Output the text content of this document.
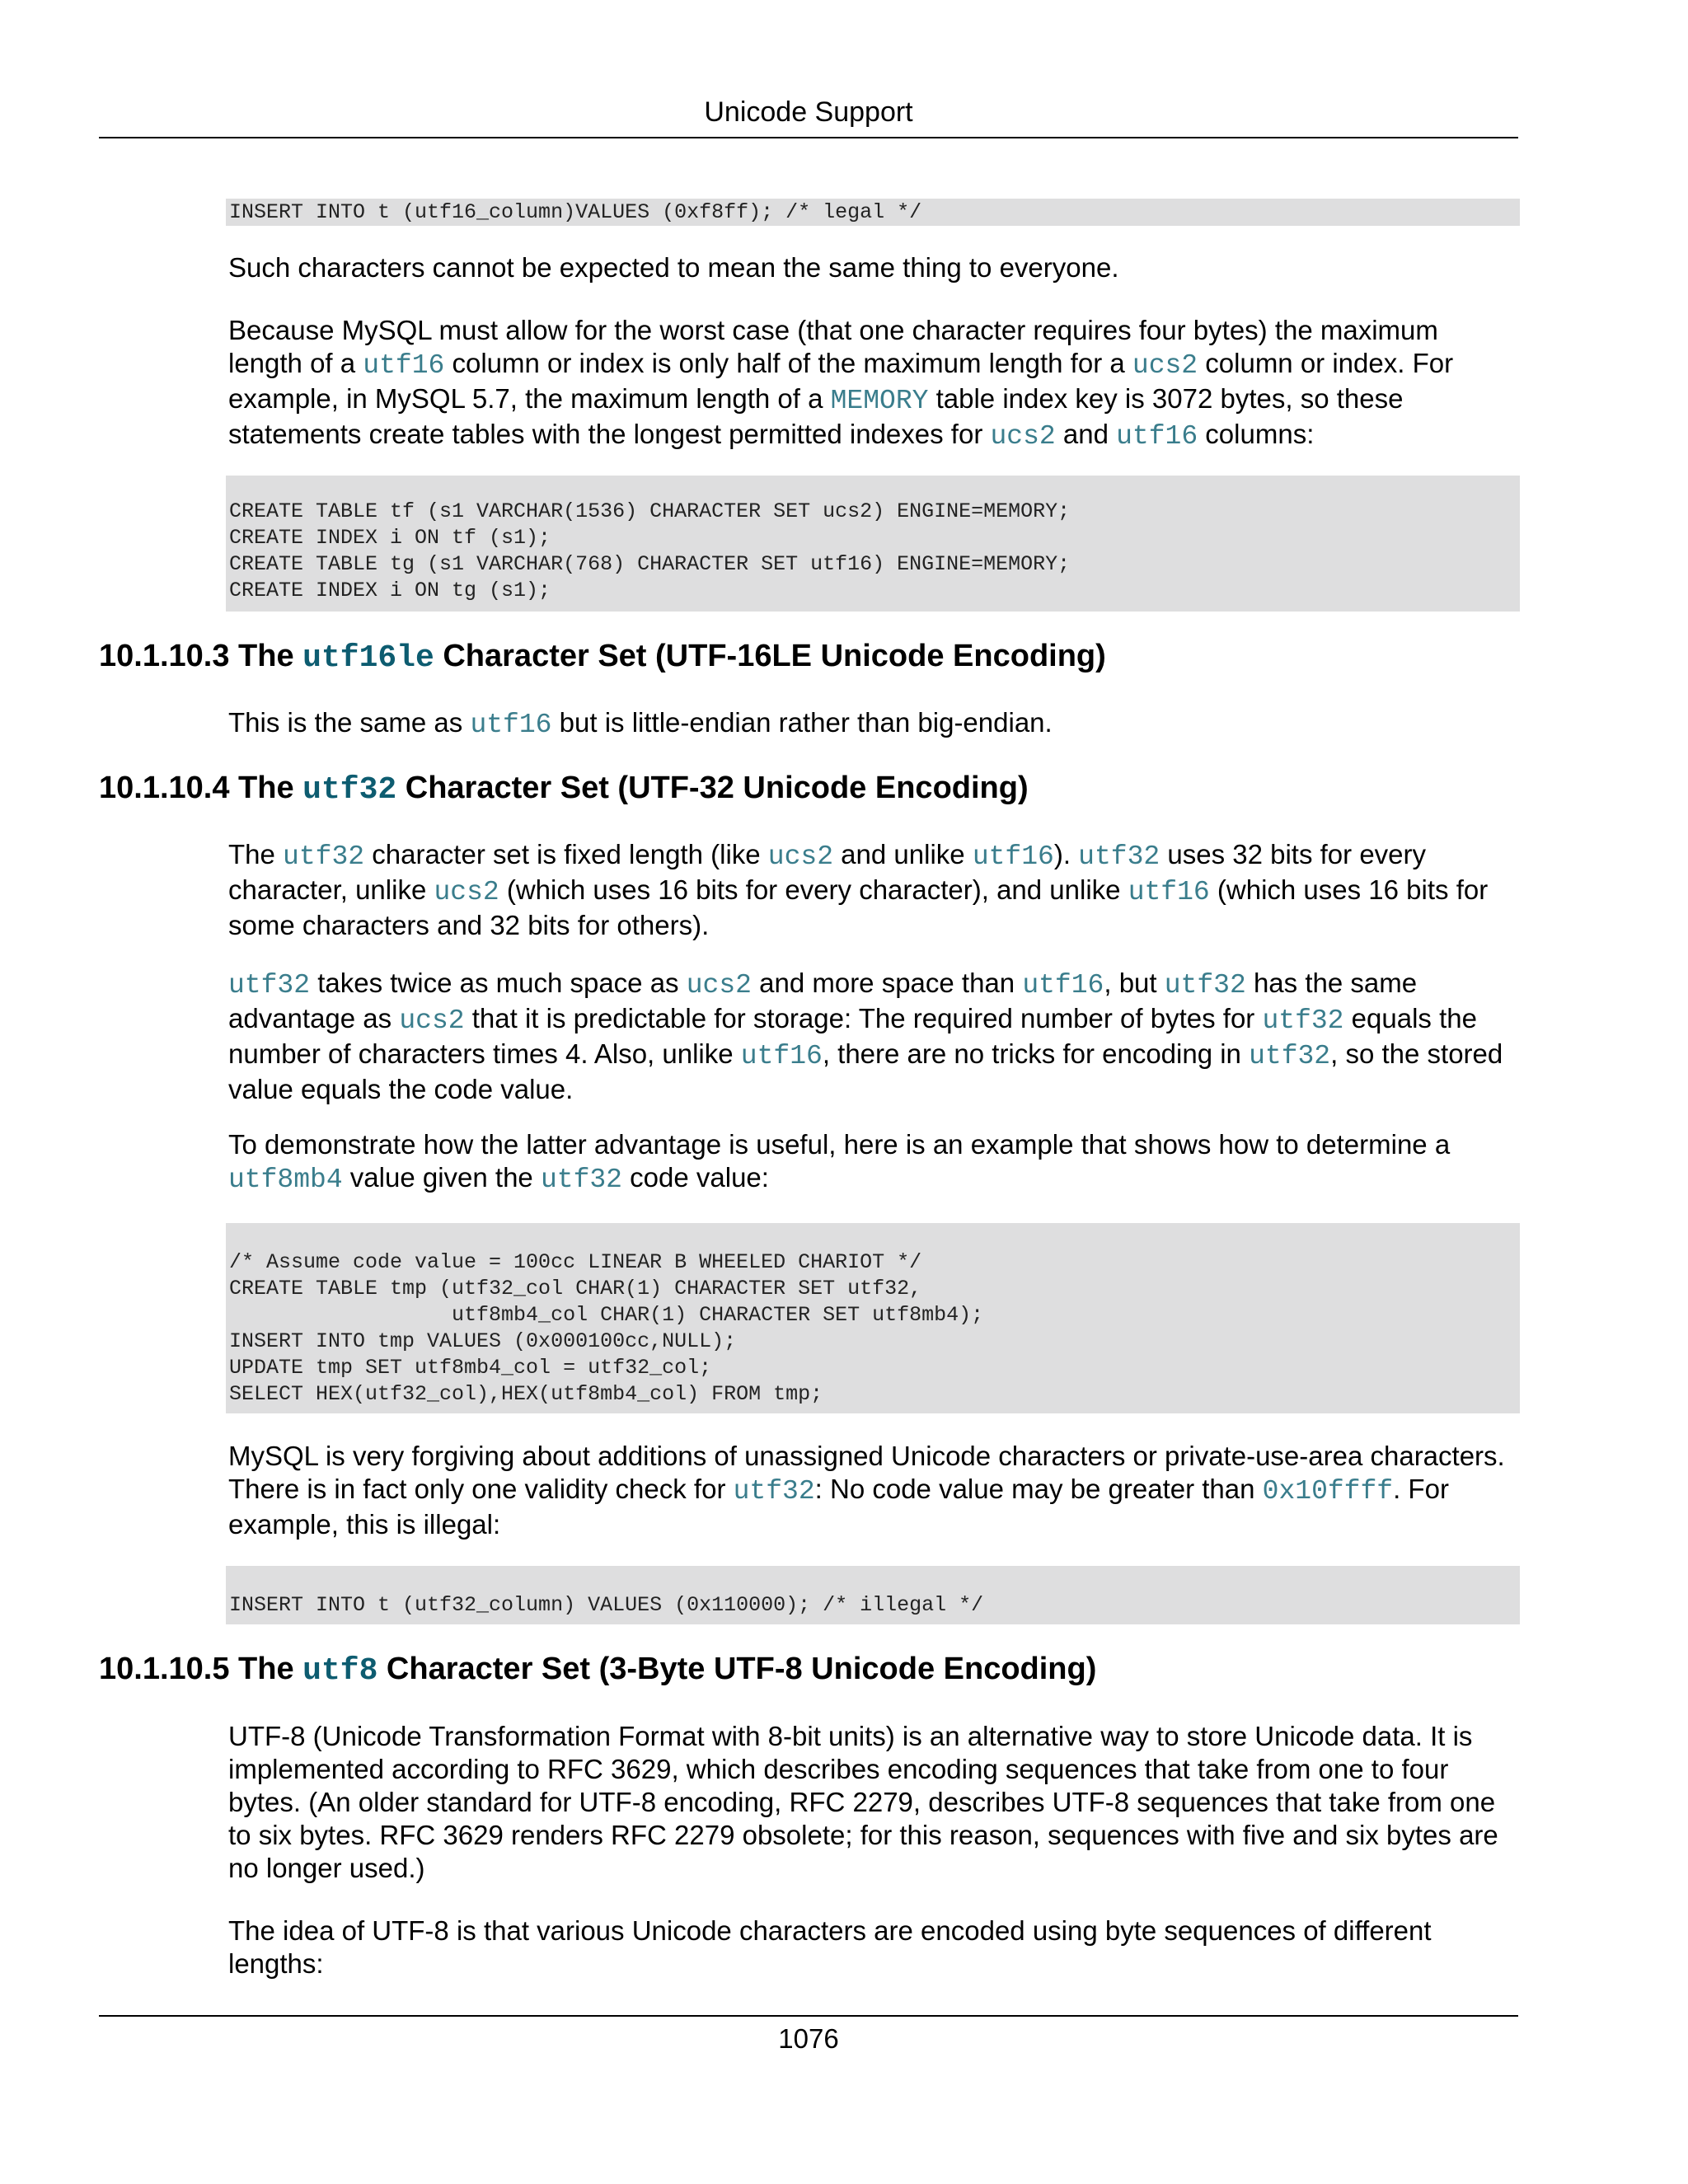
Unicode Support
INSERT INTO t (utf16_column)VALUES (0xf8ff); /* legal */

Such characters cannot be expected to mean the same thing to everyone.

Because MySQL must allow for the worst case (that one character requires four bytes) the maximum length of a utf16 column or index is only half of the maximum length for a ucs2 column or index. For example, in MySQL 5.7, the maximum length of a MEMORY table index key is 3072 bytes, so these statements create tables with the longest permitted indexes for ucs2 and utf16 columns:

CREATE TABLE tf (s1 VARCHAR(1536) CHARACTER SET ucs2) ENGINE=MEMORY;
CREATE INDEX i ON tf (s1);
CREATE TABLE tg (s1 VARCHAR(768) CHARACTER SET utf16) ENGINE=MEMORY;
CREATE INDEX i ON tg (s1);
10.1.10.3 The utf16le Character Set (UTF-16LE Unicode Encoding)

This is the same as utf16 but is little-endian rather than big-endian.

10.1.10.4 The utf32 Character Set (UTF-32 Unicode Encoding)

The utf32 character set is fixed length (like ucs2 and unlike utf16). utf32 uses 32 bits for every character, unlike ucs2 (which uses 16 bits for every character), and unlike utf16 (which uses 16 bits for some characters and 32 bits for others).

utf32 takes twice as much space as ucs2 and more space than utf16, but utf32 has the same advantage as ucs2 that it is predictable for storage: The required number of bytes for utf32 equals the number of characters times 4. Also, unlike utf16, there are no tricks for encoding in utf32, so the stored value equals the code value.

To demonstrate how the latter advantage is useful, here is an example that shows how to determine a utf8mb4 value given the utf32 code value:

/* Assume code value = 100cc LINEAR B WHEELED CHARIOT */
CREATE TABLE tmp (utf32_col CHAR(1) CHARACTER SET utf32,
utf8mb4_col CHAR(1) CHARACTER SET utf8mb4);
INSERT INTO tmp VALUES (0x000100cc,NULL);
UPDATE tmp SET utf8mb4_col = utf32_col;
SELECT HEX(utf32_col),HEX(utf8mb4_col) FROM tmp;

MySQL is very forgiving about additions of unassigned Unicode characters or private-use-area characters. There is in fact only one validity check for utf32: No code value may be greater than 0x10ffff. For example, this is illegal:

INSERT INTO t (utf32_column) VALUES (0x110000); /* illegal */
10.1.10.5 The utf8 Character Set (3-Byte UTF-8 Unicode Encoding)

UTF-8 (Unicode Transformation Format with 8-bit units) is an alternative way to store Unicode data. It is implemented according to RFC 3629, which describes encoding sequences that take from one to four bytes. (An older standard for UTF-8 encoding, RFC 2279, describes UTF-8 sequences that take from one to six bytes. RFC 3629 renders RFC 2279 obsolete; for this reason, sequences with five and six bytes are no longer used.)

The idea of UTF-8 is that various Unicode characters are encoded using byte sequences of different lengths:

1076
